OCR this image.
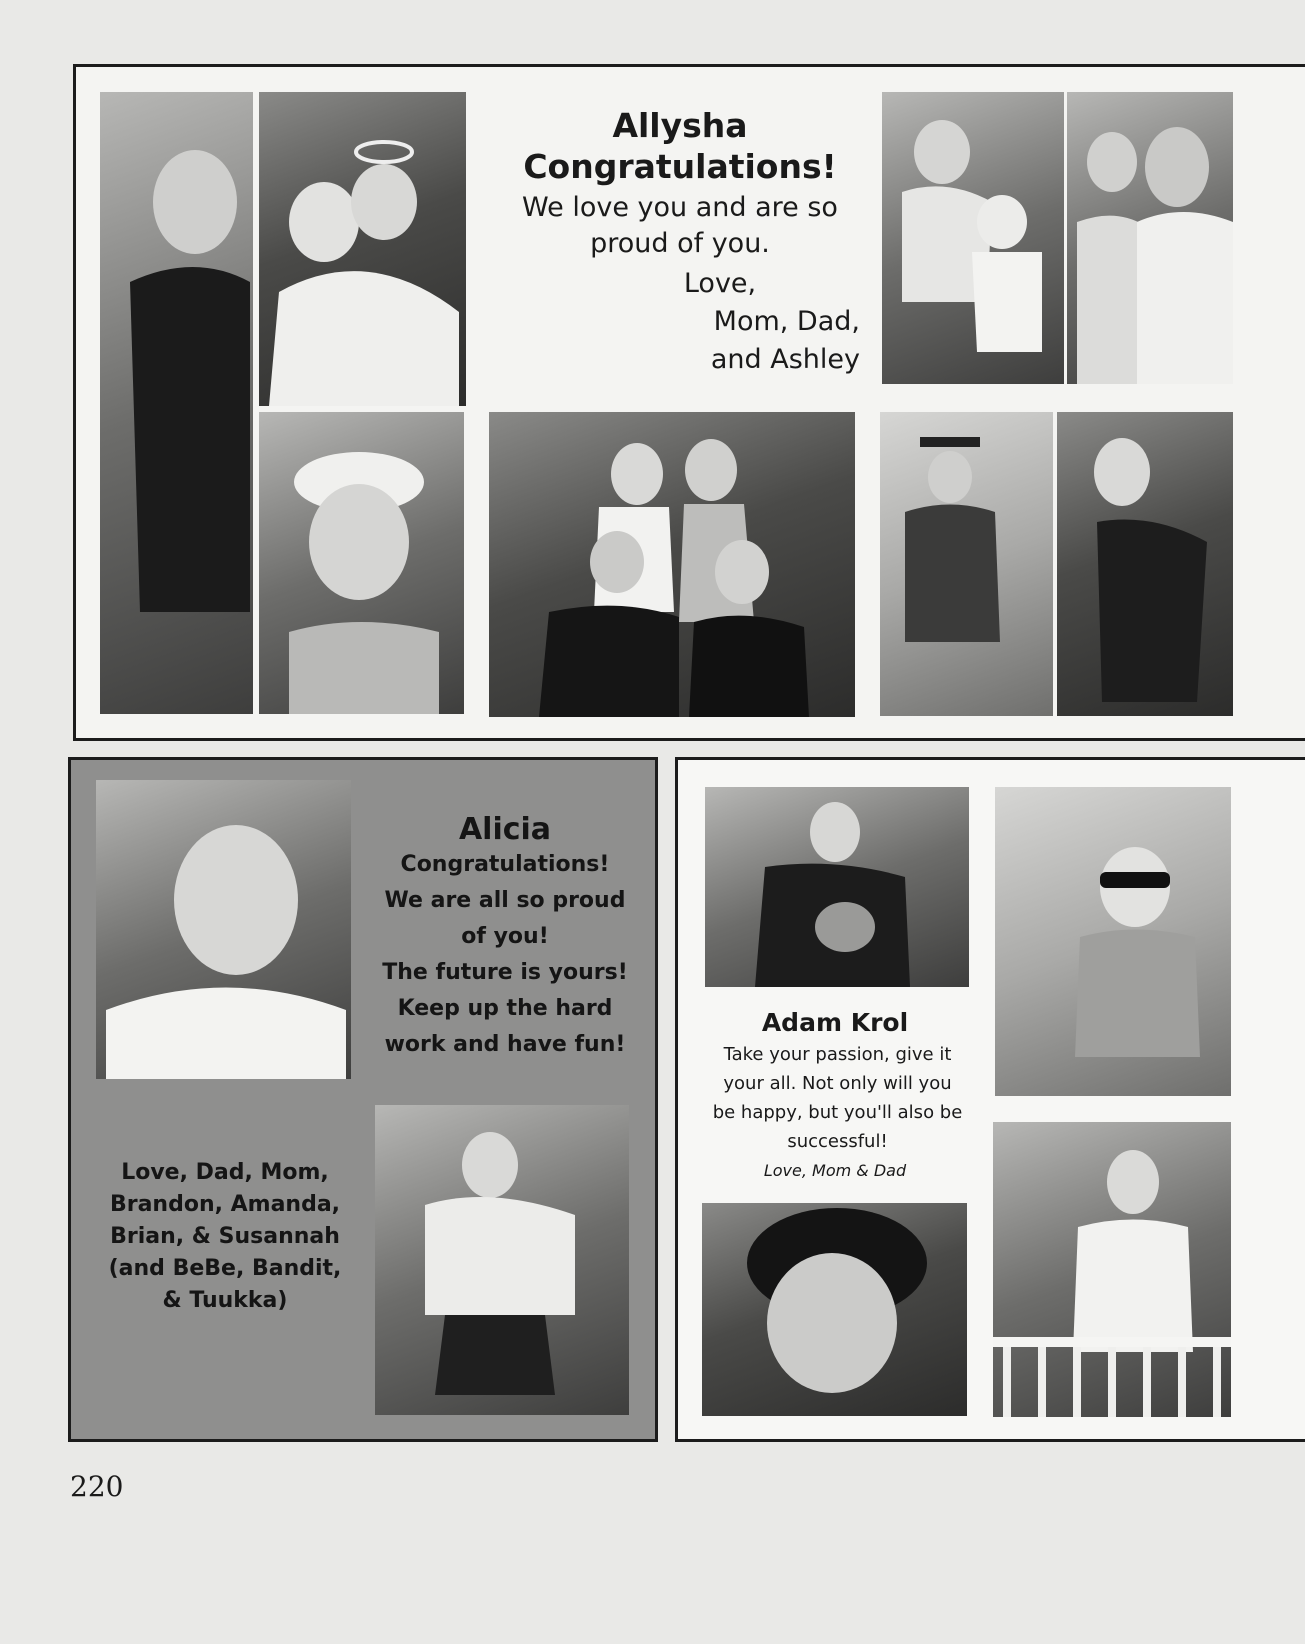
Allysha
Congratulations!
We love you and are so
proud of you.
Love,
Mom, Dad,
and Ashley
Alicia
Congratulations!
We are all so proud
of you!
The future is yours!
Keep up the hard
work and have fun!
Love, Dad, Mom,
Brandon, Amanda,
Brian, & Susannah
(and BeBe, Bandit,
& Tuukka)
Adam Krol
Take your passion, give it
your all. Not only will you
be happy, but you'll also be
successful!
Love, Mom & Dad
220
